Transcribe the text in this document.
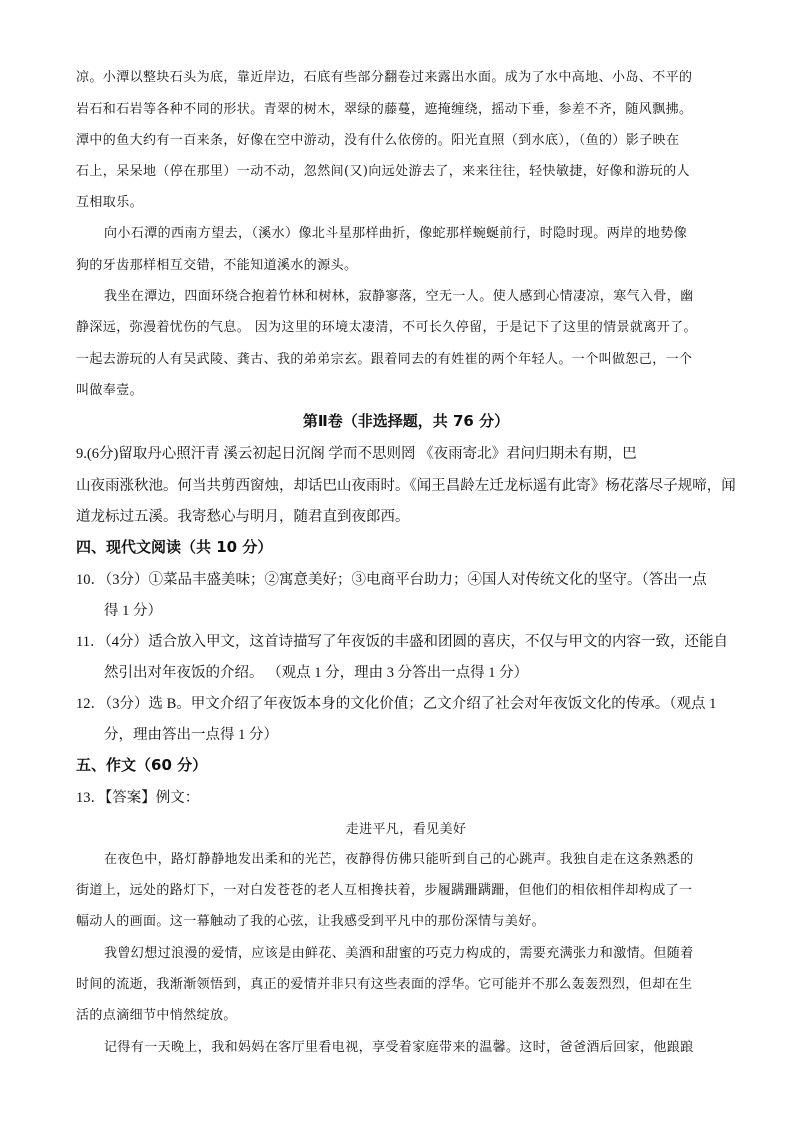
凉。小潭以整块石头为底，靠近岸边，石底有些部分翻卷过来露出水面。成为了水中高地、小岛、不平的
岩石和石岩等各种不同的形状。青翠的树木，翠绿的藤蔓，遮掩缠绕，摇动下垂，参差不齐，随风飘拂。
潭中的鱼大约有一百来条，好像在空中游动，没有什么依傍的。阳光直照（到水底），（鱼的）影子映在
石上，呆呆地（停在那里）一动不动，忽然间(又)向远处游去了，来来往往，轻快敏捷，好像和游玩的人
互相取乐。
向小石潭的西南方望去，（溪水）像北斗星那样曲折，像蛇那样蜿蜒前行，时隐时现。两岸的地势像
狗的牙齿那样相互交错，不能知道溪水的源头。
我坐在潭边，四面环绕合抱着竹林和树林，寂静寥落，空无一人。使人感到心情凄凉，寒气入骨，幽
静深远，弥漫着忧伤的气息。 因为这里的环境太凄清，不可长久停留，于是记下了这里的情景就离开了。
一起去游玩的人有吴武陵、龚古、我的弟弟宗玄。跟着同去的有姓崔的两个年轻人。一个叫做恕己，一个
叫做奉壹。
第Ⅱ卷（非选择题，共 76 分）
9.(6分)留取丹心照汗青 溪云初起日沉阁 学而不思则罔 《夜雨寄北》君问归期未有期，巴
山夜雨涨秋池。何当共剪西窗烛，却话巴山夜雨时。《闻王昌龄左迁龙标遥有此寄》杨花落尽子规啼，闻
道龙标过五溪。我寄愁心与明月，随君直到夜郎西。
四、现代文阅读（共 10 分）
10．（3分）①菜品丰盛美味；②寓意美好；③电商平台助力；④国人对传统文化的坚守。（答出一点
得 1 分）
11．（4分）适合放入甲文，这首诗描写了年夜饭的丰盛和团圆的喜庆，不仅与甲文的内容一致，还能自
然引出对年夜饭的介绍。 （观点 1 分，理由 3 分答出一点得 1 分）
12．（3分）选 B。甲文介绍了年夜饭本身的文化价值；乙文介绍了社会对年夜饭文化的传承。（观点 1
分，理由答出一点得 1 分）
五、作文（60 分）
13．【答案】例文：
走进平凡，看见美好
在夜色中，路灯静静地发出柔和的光芒，夜静得仿佛只能听到自己的心跳声。我独自走在这条熟悉的
街道上，远处的路灯下，一对白发苍苍的老人互相搀扶着，步履蹒跚蹒跚，但他们的相依相伴却构成了一
幅动人的画面。这一幕触动了我的心弦，让我感受到平凡中的那份深情与美好。
我曾幻想过浪漫的爱情，应该是由鲜花、美酒和甜蜜的巧克力构成的，需要充满张力和激情。但随着
时间的流逝，我渐渐领悟到，真正的爱情并非只有这些表面的浮华。它可能并不那么轰轰烈烈，但却在生
活的点滴细节中悄然绽放。
记得有一天晚上，我和妈妈在客厅里看电视，享受着家庭带来的温馨。这时，爸爸酒后回家，他踉踉
